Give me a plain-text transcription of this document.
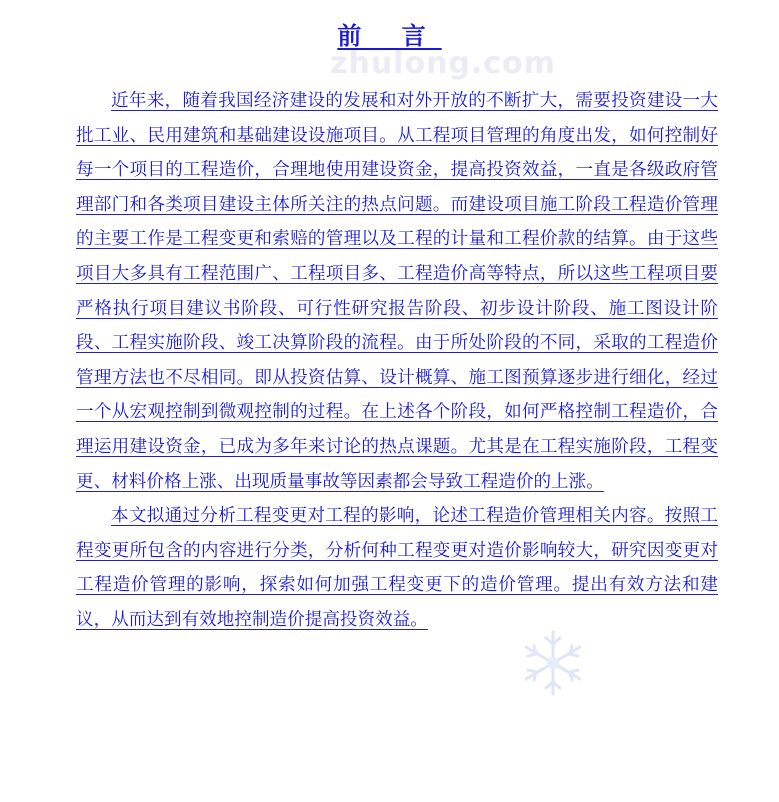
zhulong.com
前 言

近年来，随着我国经济建设的发展和对外开放的不断扩大，需要投资建设一大批工业、民用建筑和基础建设设施项目。从工程项目管理的角度出发，如何控制好每一个项目的工程造价，合理地使用建设资金，提高投资效益，一直是各级政府管理部门和各类项目建设主体所关注的热点问题。而建设项目施工阶段工程造价管理的主要工作是工程变更和索赔的管理以及工程的计量和工程价款的结算。由于这些项目大多具有工程范围广、工程项目多、工程造价高等特点，所以这些工程项目要严格执行项目建议书阶段、可行性研究报告阶段、初步设计阶段、施工图设计阶段、工程实施阶段、竣工决算阶段的流程。由于所处阶段的不同，采取的工程造价管理方法也不尽相同。即从投资估算、设计概算、施工图预算逐步进行细化，经过一个从宏观控制到微观控制的过程。在上述各个阶段，如何严格控制工程造价，合理运用建设资金，已成为多年来讨论的热点课题。尤其是在工程实施阶段，工程变更、材料价格上涨、出现质量事故等因素都会导致工程造价的上涨。

本文拟通过分析工程变更对工程的影响，论述工程造价管理相关内容。按照工程变更所包含的内容进行分类，分析何种工程变更对造价影响较大，研究因变更对工程造价管理的影响，探索如何加强工程变更下的造价管理。提出有效方法和建议，从而达到有效地控制造价提高投资效益。
